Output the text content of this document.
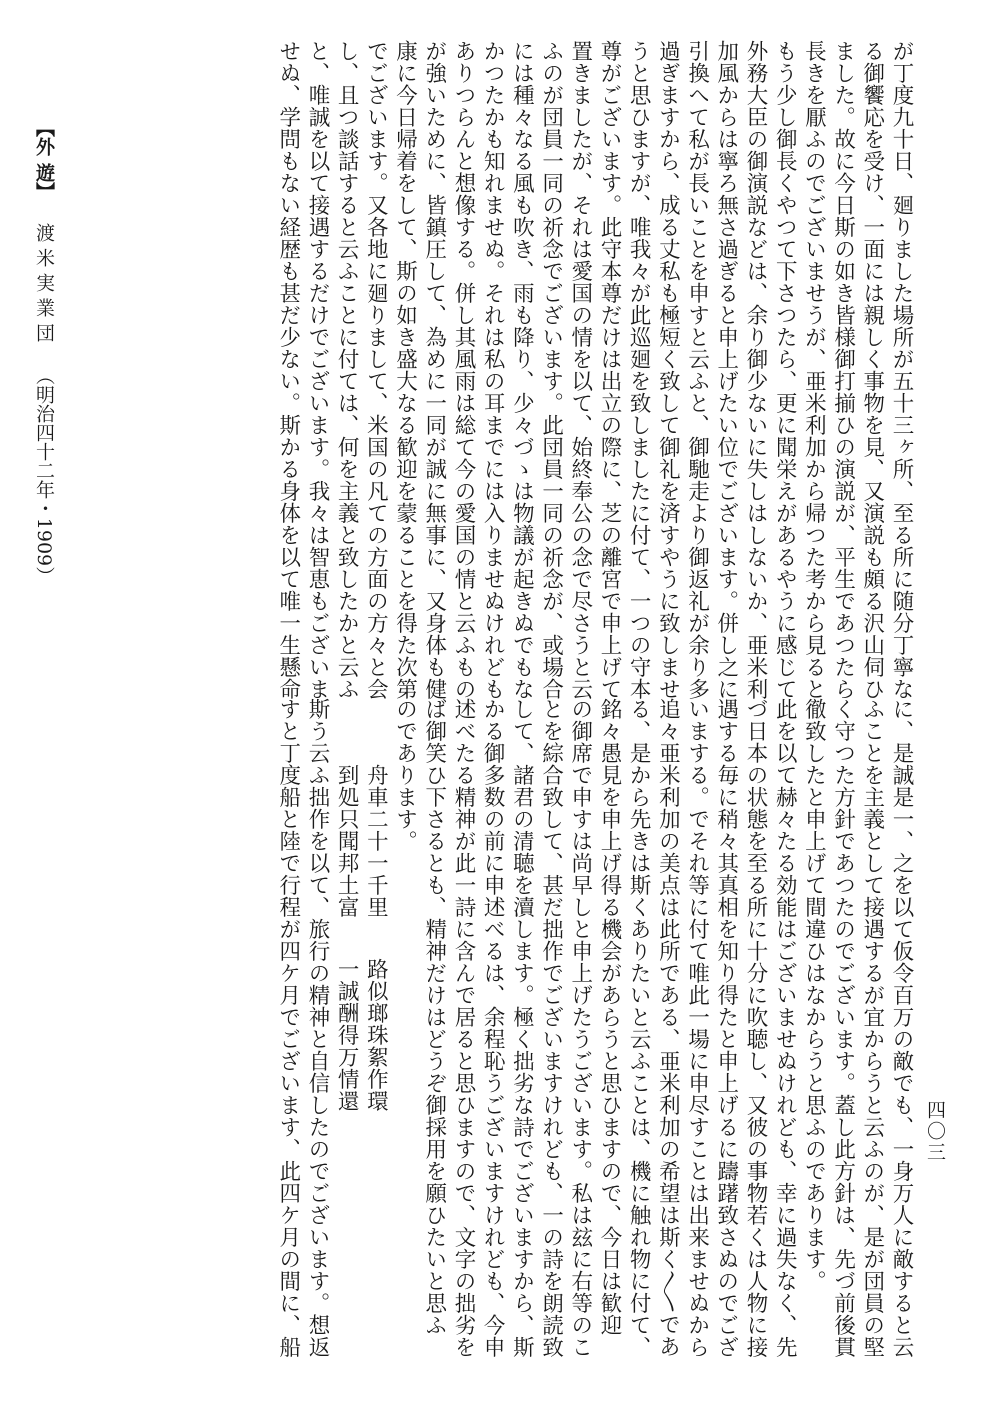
が丁度九十日、廻りました場所が五十三ヶ所、至る所に随分丁寧な
る御饗応を受け、一面には親しく事物を見、又演説も頗る沢山伺ひ
ました。故に今日斯の如き皆様御打揃ひの演説が、平生であつたら
長きを厭ふのでございませうが、亜米利加から帰つた考から見ると
もう少し御長くやつて下さつたら、更に聞栄えがあるやうに感じて
外務大臣の御演説などは、余り御少ないに失しはしないか、亜米利
加風からは寧ろ無さ過ぎると申上げたい位でございます。併し之に
引換へて私が長いことを申すと云ふと、御馳走より御返礼が余り多
過ぎますから、成る丈私も極短く致して御礼を済すやうに致しませ
うと思ひますが、唯我々が此巡廻を致しましたに付て、一つの守本
尊がございます。此守本尊だけは出立の際に、芝の離宮で申上げて
置きましたが、それは愛国の情を以て、始終奉公の念で尽さうと云
ふのが団員一同の祈念でございます。此団員一同の祈念が、或場合
には種々なる風も吹き、雨も降り、少々づゝは物議が起きぬでもな
かつたかも知れませぬ。それは私の耳までには入りませぬけれども
ありつらんと想像する。併し其風雨は総て今の愛国の情と云ふもの
が強いために、皆鎮圧して、為めに一同が誠に無事に、又身体も健
康に今日帰着をして、斯の如き盛大なる歓迎を蒙ることを得た次第
でございます。又各地に廻りまして、米国の凡ての方面の方々と会
し、且つ談話すると云ふことに付ては、何を主義と致したかと云ふ
と、唯誠を以て接遇するだけでございます。我々は智恵もございま
せぬ、学問もない経歴も甚だ少ない。斯かる身体を以て唯一生懸命
に、是誠是一、之を以て仮令百万の敵でも、一身万人に敵すると云
ふことを主義として接遇するが宜からうと云ふのが、是が団員の堅
く守つた方針であつたのでございます。蓋し此方針は、先づ前後貫
徹致したと申上げて間違ひはなからうと思ふのであります。
此を以て赫々たる効能はございませぬけれども、幸に過失なく、先
づ日本の状態を至る所に十分に吹聴し、又彼の事物若くは人物に接
遇する毎に稍々其真相を知り得たと申上げるに躊躇致さぬのでござ
いまする。でそれ等に付て唯此一場に申尽すことは出来ませぬから
追々亜米利加の美点は此所である、亜米利加の希望は斯く〳〵であ
る、是から先きは斯くありたいと云ふことは、機に触れ物に付て、
銘々愚見を申上げ得る機会があらうと思ひますので、今日は歓迎
の御席で申すは尚早しと申上げたうございます。私は玆に右等のこ
とを綜合致して、甚だ拙作でございますけれども、一の詩を朗読致
して、諸君の清聴を瀆します。極く拙劣な詩でございますから、斯
かる御多数の前に申述べるは、余程恥うございますけれども、今申
述べたる精神が此一詩に含んで居ると思ひますので、文字の拙劣を
ば御笑ひ下さるとも、精神だけはどうぞ御採用を願ひたいと思ふ
のであります。
　　　舟車二十一千里路似瑯珠絮作環
　　　到処只聞邦土富一誠酬得万情還
斯う云ふ拙作を以て、旅行の精神と自信したのでございます。想返
すと丁度船と陸で行程が四ケ月でございます、此四ケ月の間に、船
【外 遊】渡 米 実 業 団（明治四十二年・1909）
四〇三
